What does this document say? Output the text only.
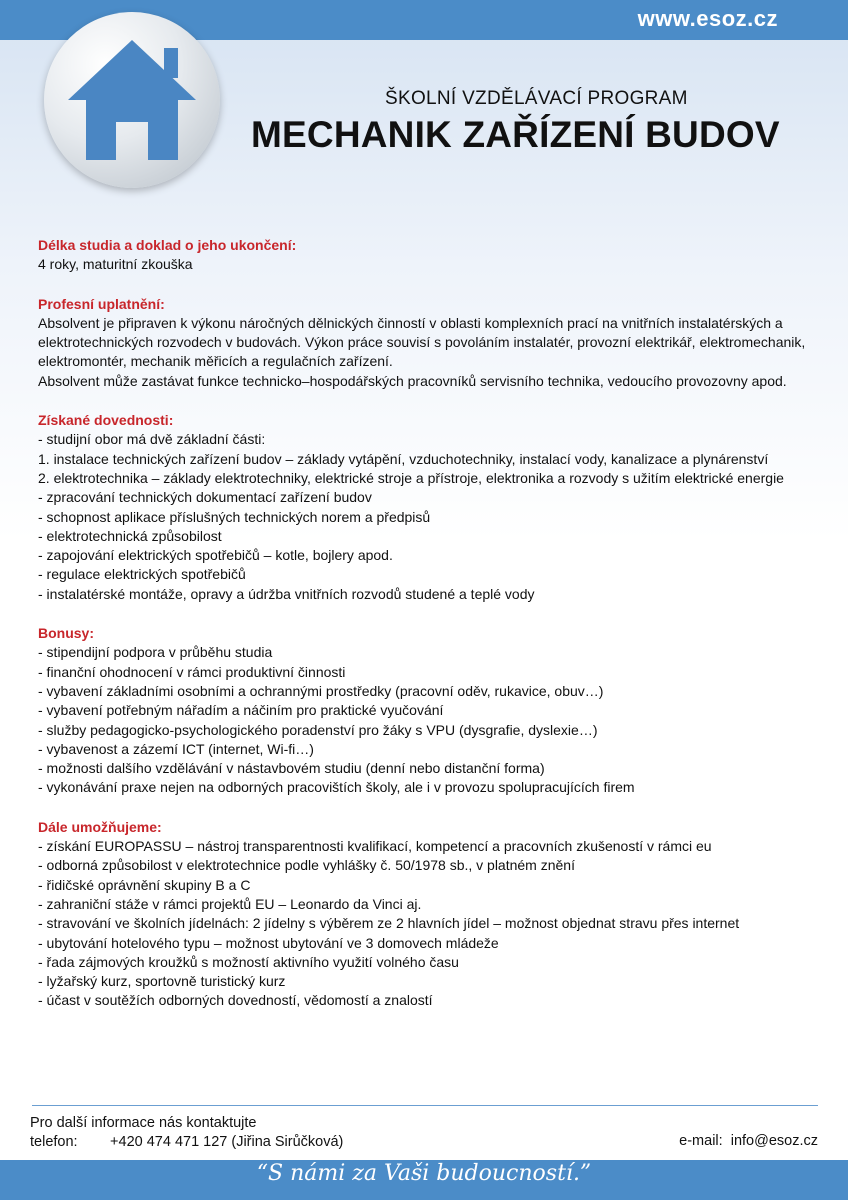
www.esoz.cz
ŠKOLNÍ VZDĚLÁVACÍ PROGRAM
MECHANIK ZAŘÍZENÍ BUDOV
Délka studia a doklad o jeho ukončení:
4 roky, maturitní zkouška
Profesní uplatnění:
Absolvent je připraven k výkonu náročných dělnických činností v oblasti komplexních prací na vnitřních instalatérských a elektrotechnických rozvodech v budovách. Výkon práce souvisí s povoláním instalatér, provozní elektrikář, elektromechanik, elektromontér, mechanik měřicích a regulačních zařízení.
Absolvent může zastávat funkce technicko–hospodářských pracovníků servisního technika, vedoucího provozovny apod.
Získané dovednosti:
- studijní obor má dvě základní části:
1. instalace technických zařízení budov – základy vytápění, vzduchotechniky, instalací vody, kanalizace a plynárenství
2. elektrotechnika – základy elektrotechniky, elektrické stroje a přístroje, elektronika a rozvody s užitím elektrické energie
- zpracování technických dokumentací zařízení budov
- schopnost aplikace příslušných technických norem a předpisů
- elektrotechnická způsobilost
- zapojování elektrických spotřebičů – kotle, bojlery apod.
- regulace elektrických spotřebičů
- instalatérské montáže, opravy a údržba vnitřních rozvodů studené a teplé vody
Bonusy:
- stipendijní podpora v průběhu studia
- finanční ohodnocení v rámci produktivní činnosti
- vybavení základními osobními a ochrannými prostředky (pracovní oděv, rukavice, obuv…)
- vybavení potřebným nářadím a náčiním pro praktické vyučování
- služby pedagogicko-psychologického poradenství pro žáky s VPU (dysgrafie, dyslexie…)
- vybavenost a zázemí ICT (internet, Wi-fi…)
- možnosti dalšího vzdělávání v nástavbovém studiu (denní nebo distanční forma)
- vykonávání praxe nejen na odborných pracovištích školy, ale i v provozu spolupracujících firem
Dále umožňujeme:
- získání EUROPASSU – nástroj transparentnosti kvalifikací, kompetencí a pracovních zkušeností v rámci eu
- odborná způsobilost v elektrotechnice podle vyhlášky č. 50/1978 sb., v platném znění
- řidičské oprávnění skupiny B a C
- zahraniční stáže v rámci projektů EU – Leonardo da Vinci aj.
- stravování ve školních jídelnách: 2 jídelny s výběrem ze 2 hlavních jídel – možnost objednat stravu přes internet
- ubytování hotelového typu – možnost ubytování ve 3 domovech mládeže
- řada zájmových kroužků s možností aktivního využití volného času
- lyžařský kurz, sportovně turistický kurz
- účast v soutěžích odborných dovedností, vědomostí a znalostí
Pro další informace nás kontaktujte
telefon: +420 474 471 127 (Jiřina Sirůčková)	e-mail: info@esoz.cz
“S námi za Vaši budoucností.”
